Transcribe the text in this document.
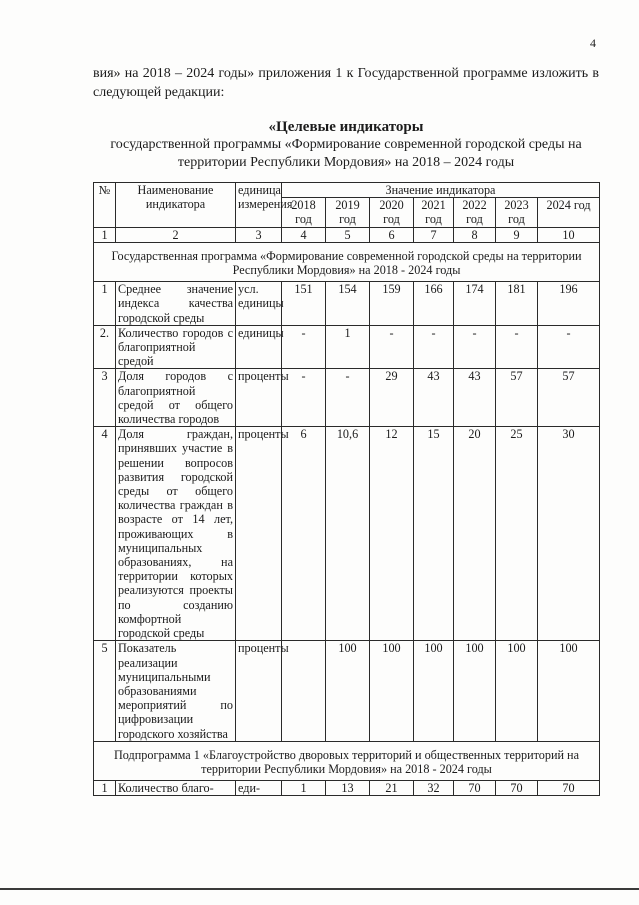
4
вия» на 2018 – 2024 годы» приложения 1 к Государственной программе изложить в следующей редакции:
«Целевые индикаторы
государственной программы «Формирование современной городской среды на территории Республики Мордовия» на 2018 – 2024 годы
№	Наименование индикатора	единица измерения	Значение индикатора						
			2018 год	2019 год	2020 год	2021 год	2022 год	2023 год	2024 год
1	2	3	4	5	6	7	8	9	10
Государственная программа «Формирование современной городской среды на территории Республики Мордовия» на 2018 - 2024 годы									
1	Среднее значение индекса качества городской среды	усл. единицы	151	154	159	166	174	181	196
2.	Количество городов с благоприятной средой	единицы	-	1	-	-	-	-	-
3	Доля городов с благоприятной средой от общего количества городов	проценты	-	-	29	43	43	57	57
4	Доля граждан, принявших участие в решении вопросов развития городской среды от общего количества граждан в возрасте от 14 лет, проживающих в муниципальных образованиях, на территории которых реализуются проекты по созданию комфортной городской среды	проценты	6	10,6	12	15	20	25	30
5	Показатель реализации муниципальными образованиями мероприятий по цифровизации городского хозяйства	проценты		100	100	100	100	100	100
Подпрограмма 1 «Благоустройство дворовых территорий и общественных территорий на территории Республики Мордовия» на 2018 - 2024 годы									
1	Количество благо-	еди-	1	13	21	32	70	70	70
